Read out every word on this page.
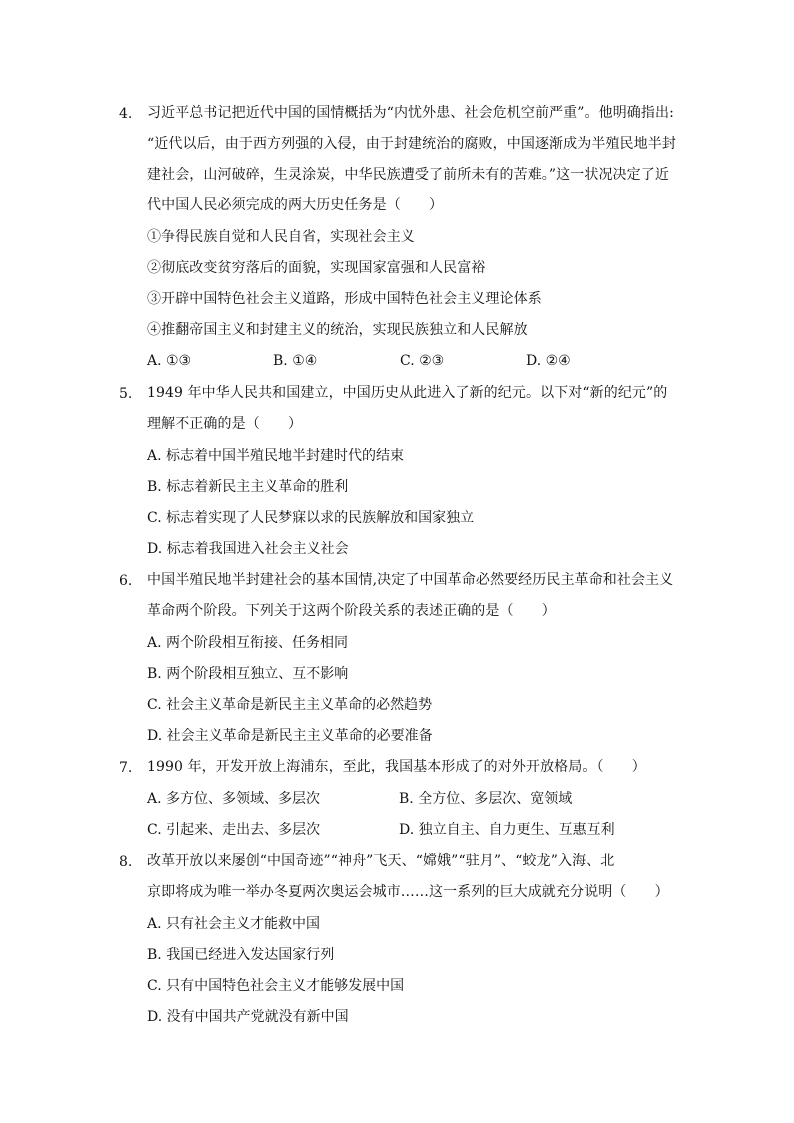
4. 习近平总书记把近代中国的国情概括为“内忧外患、社会危机空前严重”。他明确指出:
“近代以后，由于西方列强的入侵，由于封建统治的腐败，中国逐渐成为半殖民地半封
建社会，山河破碎，生灵涂炭，中华民族遭受了前所未有的苦难。”这一状况决定了近
代中国人民必须完成的两大历史任务是（　　）
①争得民族自觉和人民自省，实现社会主义
②彻底改变贫穷落后的面貌，实现国家富强和人民富裕
③开辟中国特色社会主义道路，形成中国特色社会主义理论体系
④推翻帝国主义和封建主义的统治，实现民族独立和人民解放
A. ①③	B. ①④	C. ②③	D. ②④
5. 1949 年中华人民共和国建立，中国历史从此进入了新的纪元。以下对“新的纪元”的
理解不正确的是（　　）
A. 标志着中国半殖民地半封建时代的结束
B. 标志着新民主主义革命的胜利
C. 标志着实现了人民梦寐以求的民族解放和国家独立
D. 标志着我国进入社会主义社会
6. 中国半殖民地半封建社会的基本国情,决定了中国革命必然要经历民主革命和社会主义
革命两个阶段。下列关于这两个阶段关系的表述正确的是（　　）
A. 两个阶段相互衔接、任务相同
B. 两个阶段相互独立、互不影响
C. 社会主义革命是新民主主义革命的必然趋势
D. 社会主义革命是新民主主义革命的必要准备
7. 1990 年，开发开放上海浦东，至此，我国基本形成了的对外开放格局。（　　）
A. 多方位、多领域、多层次	B. 全方位、多层次、宽领域
C. 引起来、走出去、多层次	D. 独立自主、自力更生、互惠互利
8. 改革开放以来屡创“中国奇迹”“神舟”飞天、“嫦娥”“驻月”、“蛟龙”入海、北
京即将成为唯一举办冬夏两次奥运会城市……这一系列的巨大成就充分说明（　　）
A. 只有社会主义才能救中国
B. 我国已经进入发达国家行列
C. 只有中国特色社会主义才能够发展中国
D. 没有中国共产党就没有新中国
